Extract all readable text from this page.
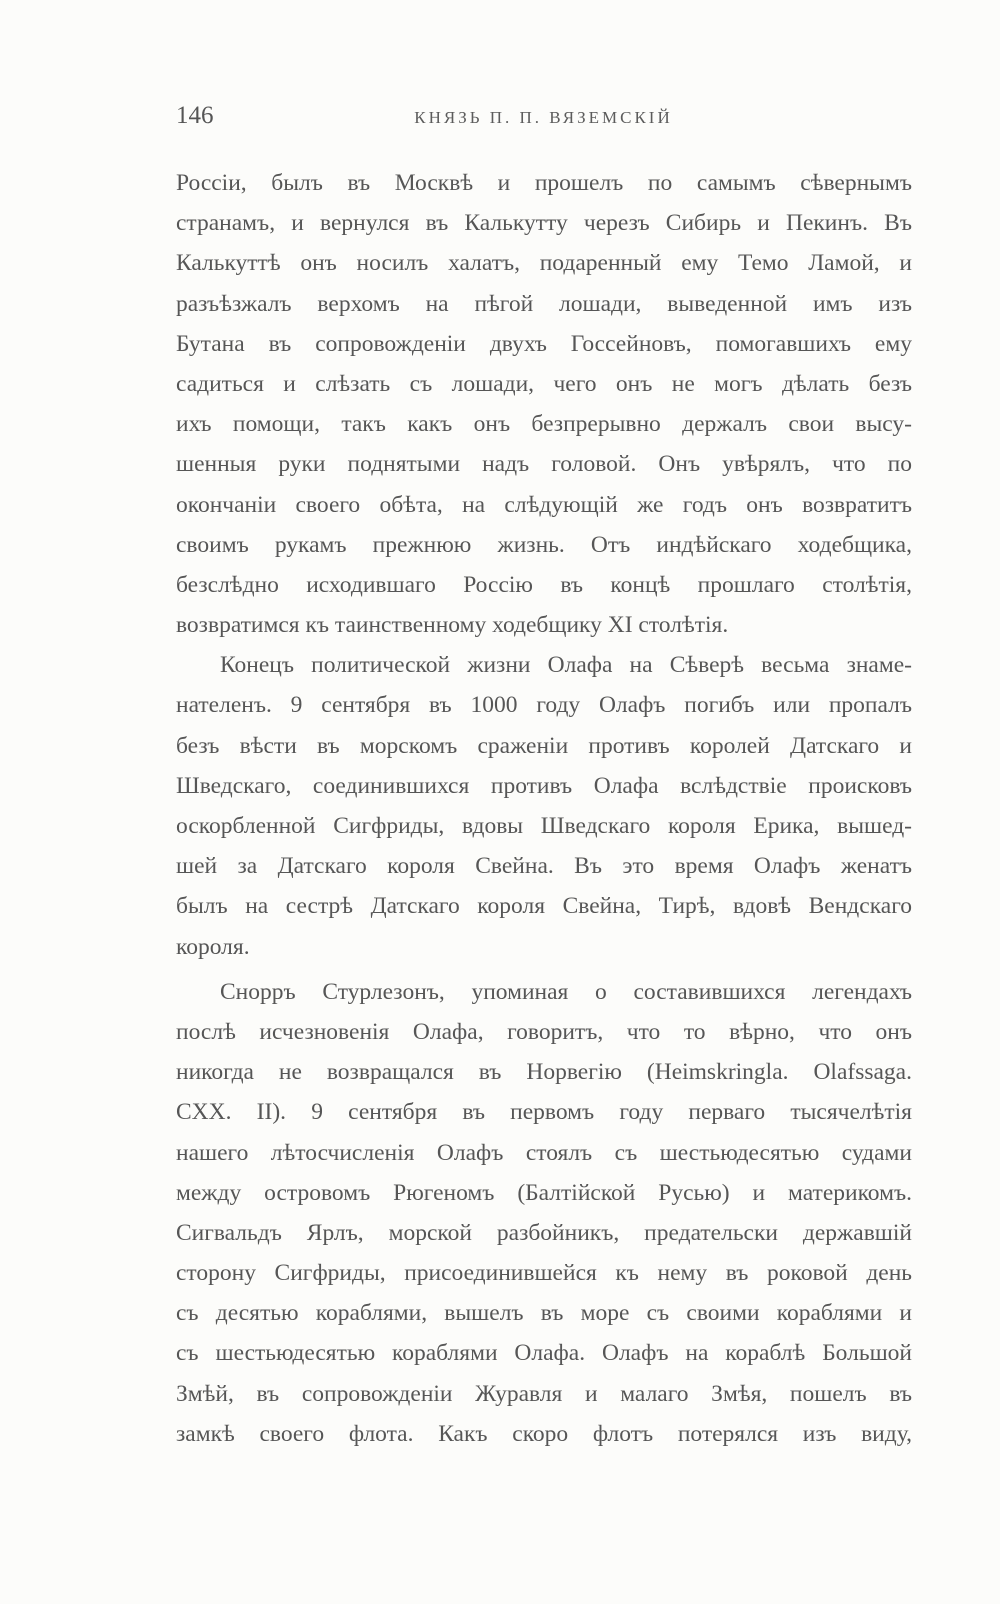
146	КНЯЗЬ П. П. ВЯЗЕМСКІЙ
Россіи, былъ въ Москвѣ и прошелъ по самымъ сѣвернымъ
странамъ, и вернулся въ Калькутту черезъ Сибирь и Пекинъ. Въ
Калькуттѣ онъ носилъ халатъ, подаренный ему Темо Ламой, и
разъѣзжалъ верхомъ на пѣгой лошади, выведенной имъ изъ
Бутана въ сопровожденіи двухъ Госсейновъ, помогавшихъ ему
садиться и слѣзать съ лошади, чего онъ не могъ дѣлать безъ
ихъ помощи, такъ какъ онъ безпрерывно держалъ свои высу-
шенныя руки поднятыми надъ головой. Онъ увѣрялъ, что по
окончаніи своего обѣта, на слѣдующій же годъ онъ возвратитъ
своимъ рукамъ прежнюю жизнь. Отъ индѣйскаго ходебщика,
безслѣдно исходившаго Россію въ концѣ прошлаго столѣтія,
возвратимся къ таинственному ходебщику XI столѣтія.
Конецъ политической жизни Олафа на Сѣверѣ весьма знаме-
нателенъ. 9 сентября въ 1000 году Олафъ погибъ или пропалъ
безъ вѣсти въ морскомъ сраженіи противъ королей Датскаго и
Шведскаго, соединившихся противъ Олафа вслѣдствіе происковъ
оскорбленной Сигфриды, вдовы Шведскаго короля Ерика, вышед-
шей за Датскаго короля Свейна. Въ это время Олафъ женатъ
былъ на сестрѣ Датскаго короля Свейна, Тирѣ, вдовѣ Вендскаго
короля.
Снорръ Стурлезонъ, упоминая о составившихся легендахъ
послѣ исчезновенія Олафа, говоритъ, что то вѣрно, что онъ
никогда не возвращался въ Норвегію (Heimskringla. Olafssaga.
CXX. II). 9 сентября въ первомъ году перваго тысячелѣтія
нашего лѣтосчисленія Олафъ стоялъ съ шестьюдесятью судами
между островомъ Рюгеномъ (Балтійской Русью) и материкомъ.
Сигвальдъ Ярлъ, морской разбойникъ, предательски державшій
сторону Сигфриды, присоединившейся къ нему въ роковой день
съ десятью кораблями, вышелъ въ море съ своими кораблями и
съ шестьюдесятью кораблями Олафа. Олафъ на кораблѣ Большой
Змѣй, въ сопровожденіи Журавля и малаго Змѣя, пошелъ въ
замкѣ своего флота. Какъ скоро флотъ потерялся изъ виду,
